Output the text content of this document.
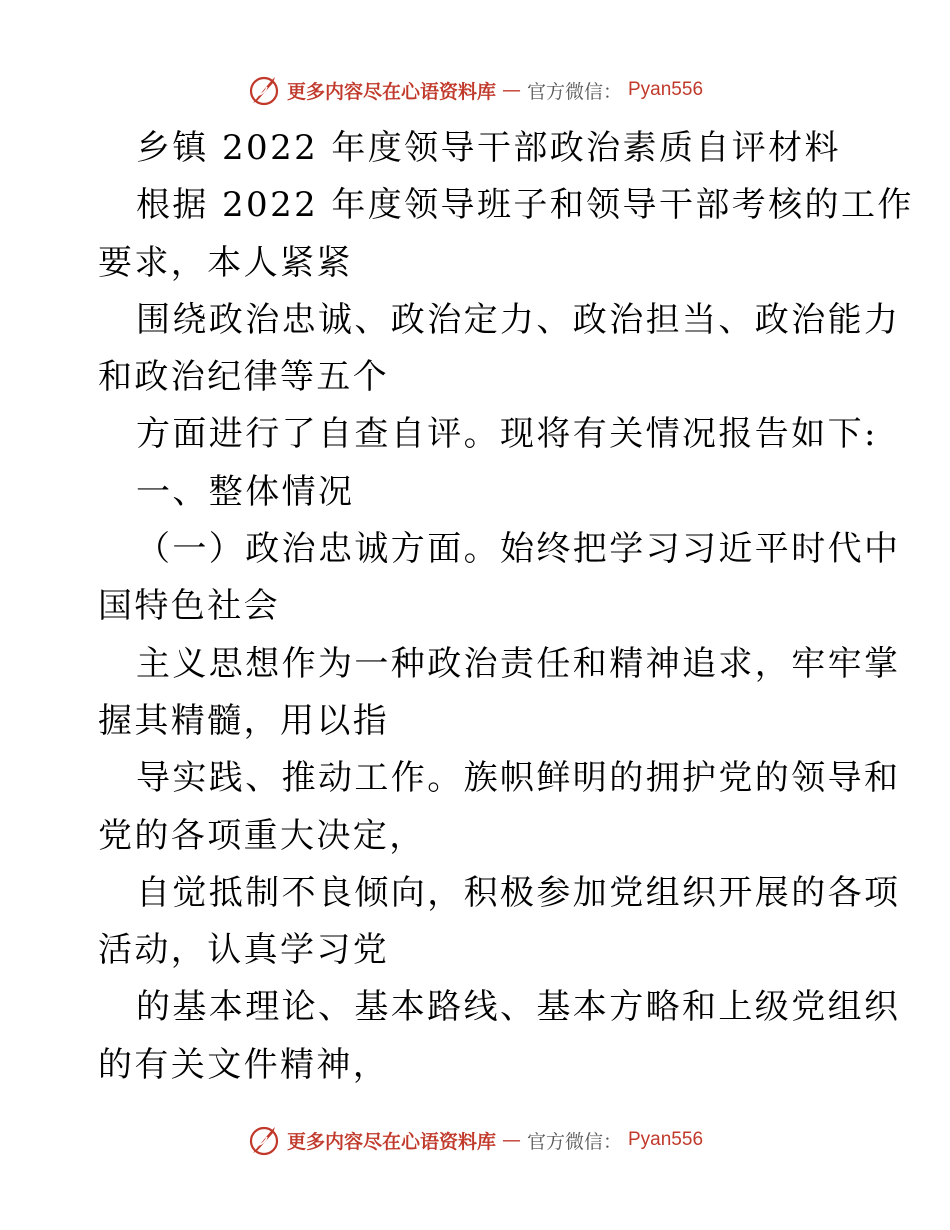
更多内容尽在心语资料库 — 官方微信： Pyan556
乡镇 2022 年度领导干部政治素质自评材料
根据 2022 年度领导班子和领导干部考核的工作
要求，本人紧紧
围绕政治忠诚、政治定力、政治担当、政治能力
和政治纪律等五个
方面进行了自查自评。现将有关情况报告如下:
一、整体情况
（一）政治忠诚方面。始终把学习习近平时代中
国特色社会
主义思想作为一种政治责任和精神追求，牢牢掌
握其精髓，用以指
导实践、推动工作。族帜鲜明的拥护党的领导和
党的各项重大决定，
自觉抵制不良倾向，积极参加党组织开展的各项
活动，认真学习党
的基本理论、基本路线、基本方略和上级党组织
的有关文件精神，
更多内容尽在心语资料库 — 官方微信： Pyan556
